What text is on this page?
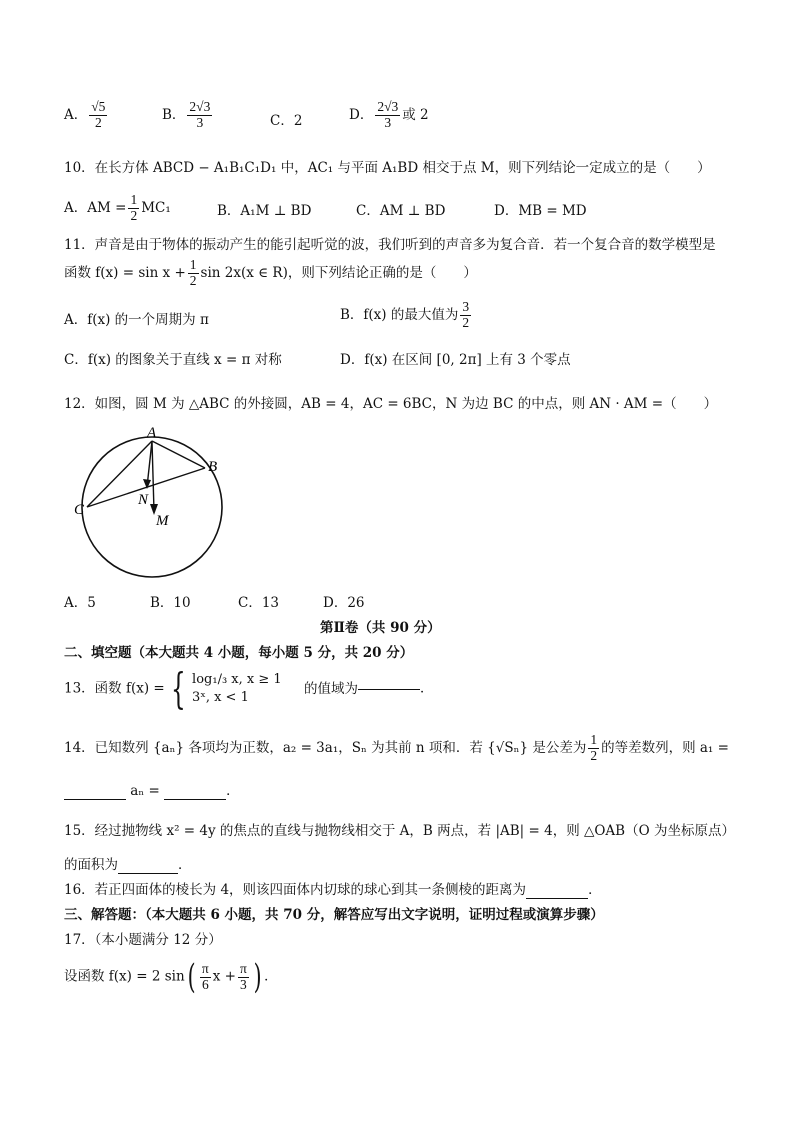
A． $\frac{√5}{2}$	B． $\frac{2√3}{3}$	C．2	D． $\frac{2√3}{3}$ 或 2
10．在长方体 ABCD − A₁B₁C₁D₁ 中，AC₁ 与平面 A₁BD 相交于点 M，则下列结论一定成立的是（　　）
A．AM = $\frac{1}{2} MC_1$	B．A₁M ⊥ BD	C．AM ⊥ BD	D．MB = MD
11．声音是由于物体的振动产生的能引起听觉的波，我们听到的声音多为复合音．若一个复合音的数学模型是
函数 $f(x) = \sin x + \frac{1}{2}$ sin 2x(x ∈ R)，则下列结论正确的是（　　）
A．f(x) 的一个周期为 π	B．f(x) 的最大值为 $\frac{3}{2}$
C．f(x) 的图象关于直线 x = π 对称	D．f(x) 在区间 [0, 2π] 上有 3 个零点
12．如图，圆 M 为 △ABC 的外接圆，AB = 4，AC = 6BC，N 为边 BC 的中点，则 AN · AM =（　　）
A
B
C
N
M
A．5	B．10	C．13	D．26
第Ⅱ卷（共 90 分）
二、填空题（本大题共 4 小题，每小题 5 分，共 20 分）
13．函数 f(x) = { log₁/₃ x, x ≥ 1
3ˣ, x < 1
的值域为	．
14．已知数列 {aₙ} 各项均为正数，a₂ = 3a₁，Sₙ 为其前 n 项和．若 {√Sₙ} 是公差为 $\frac{1}{2}$ 的等差数列，则 a₁ =
aₙ =	．
15．经过抛物线 x² = 4y 的焦点的直线与抛物线相交于 A，B 两点，若 |AB| = 4，则 △OAB（O 为坐标原点）
的面积为	．
16．若正四面体的棱长为 4，则该四面体内切球的球心到其一条侧棱的距离为	．
三、解答题：（本大题共 6 小题，共 70 分，解答应写出文字说明，证明过程或演算步骤）
17．（本小题满分 12 分）
设函数 f(x) = 2 $\sin( \frac{\pi}{6}$ $x + \frac{\pi}{3}$ ) ．
